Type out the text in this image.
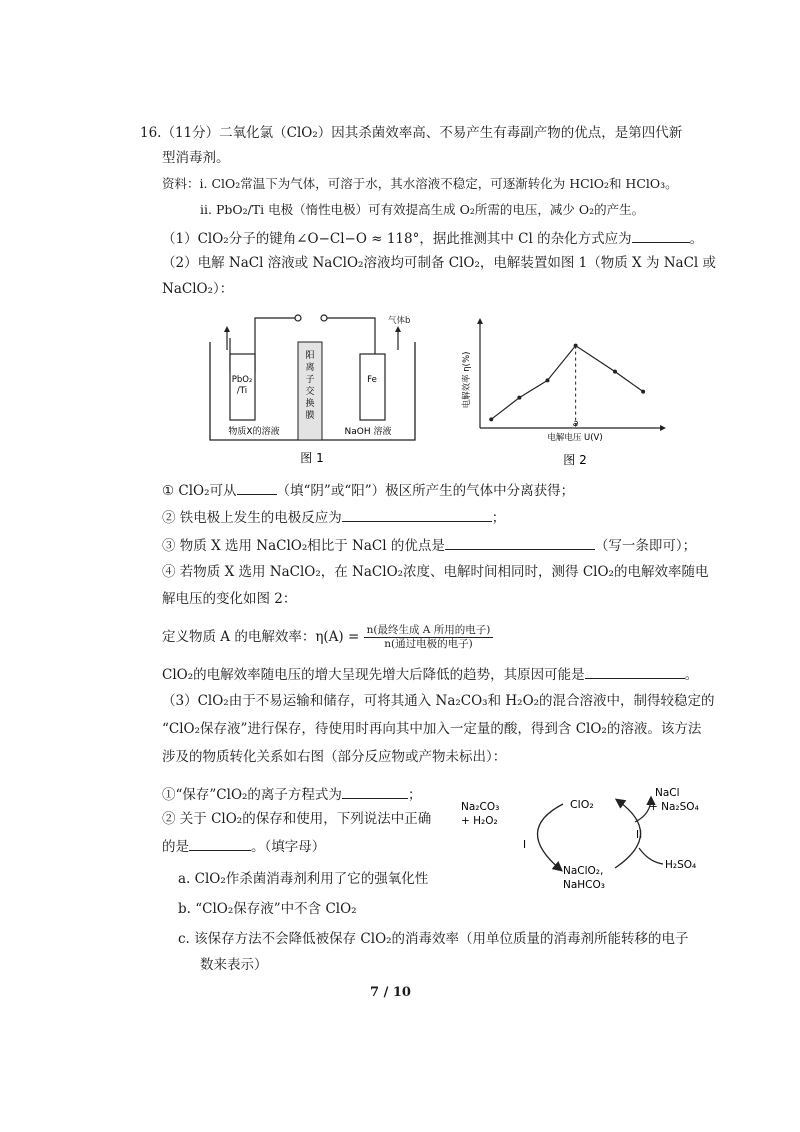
16.（11分）二氧化氯（ClO₂）因其杀菌效率高、不易产生有毒副产物的优点，是第四代新
型消毒剂。
资料：i. ClO₂常温下为气体，可溶于水，其水溶液不稳定，可逐渐转化为 HClO₂和 HClO₃。
ii. PbO₂/Ti 电极（惰性电极）可有效提高生成 O₂所需的电压，减少 O₂的产生。
（1）ClO₂分子的键角∠O−Cl−O ≈ 118°，据此推测其中 Cl 的杂化方式应为	。
（2）电解 NaCl 溶液或 NaClO₂溶液均可制备 ClO₂，电解装置如图 1（物质 X 为 NaCl 或
NaClO₂）：
气体b
阳
离
子
交
换
膜
PbO₂
/Ti
Fe
物质X的溶液	NaOH 溶液
图 1
电解效率 η(%)
电解电压 U(V)
图 2
a
① ClO₂可从	（填“阴”或“阳”）极区所产生的气体中分离获得；
② 铁电极上发生的电极反应为	；
③ 物质 X 选用 NaClO₂相比于 NaCl 的优点是	（写一条即可）；
④ 若物质 X 选用 NaClO₂，在 NaClO₂浓度、电解时间相同时，测得 ClO₂的电解效率随电
解电压的变化如图 2：
定义物质 A 的电解效率：$\eta(A) = \frac{\text{n(最终生成 A 所用的电子)}}{\text{n(通过电极的电子)}}$
ClO₂的电解效率随电压的增大呈现先增大后降低的趋势，其原因可能是	。
（3）ClO₂由于不易运输和储存，可将其通入 Na₂CO₃和 H₂O₂的混合溶液中，制得较稳定的
“ClO₂保存液”进行保存，待使用时再向其中加入一定量的酸，得到含 ClO₂的溶液。该方法
涉及的物质转化关系如右图（部分反应物或产物未标出）：
①“保存”ClO₂的离子方程式为	；
② 关于 ClO₂的保存和使用，下列说法中正确
的是	。（填字母）
a. ClO₂作杀菌消毒剂利用了它的强氧化性
b. “ClO₂保存液”中不含 ClO₂
c. 该保存方法不会降低被保存 ClO₂的消毒效率（用单位质量的消毒剂所能转移的电子
数来表示）
Na₂CO₃
+ H₂O₂
ClO₂
NaClO₂,
NaHCO₃
NaCl
+ Na₂SO₄
H₂SO₄
I
II
7 / 10
